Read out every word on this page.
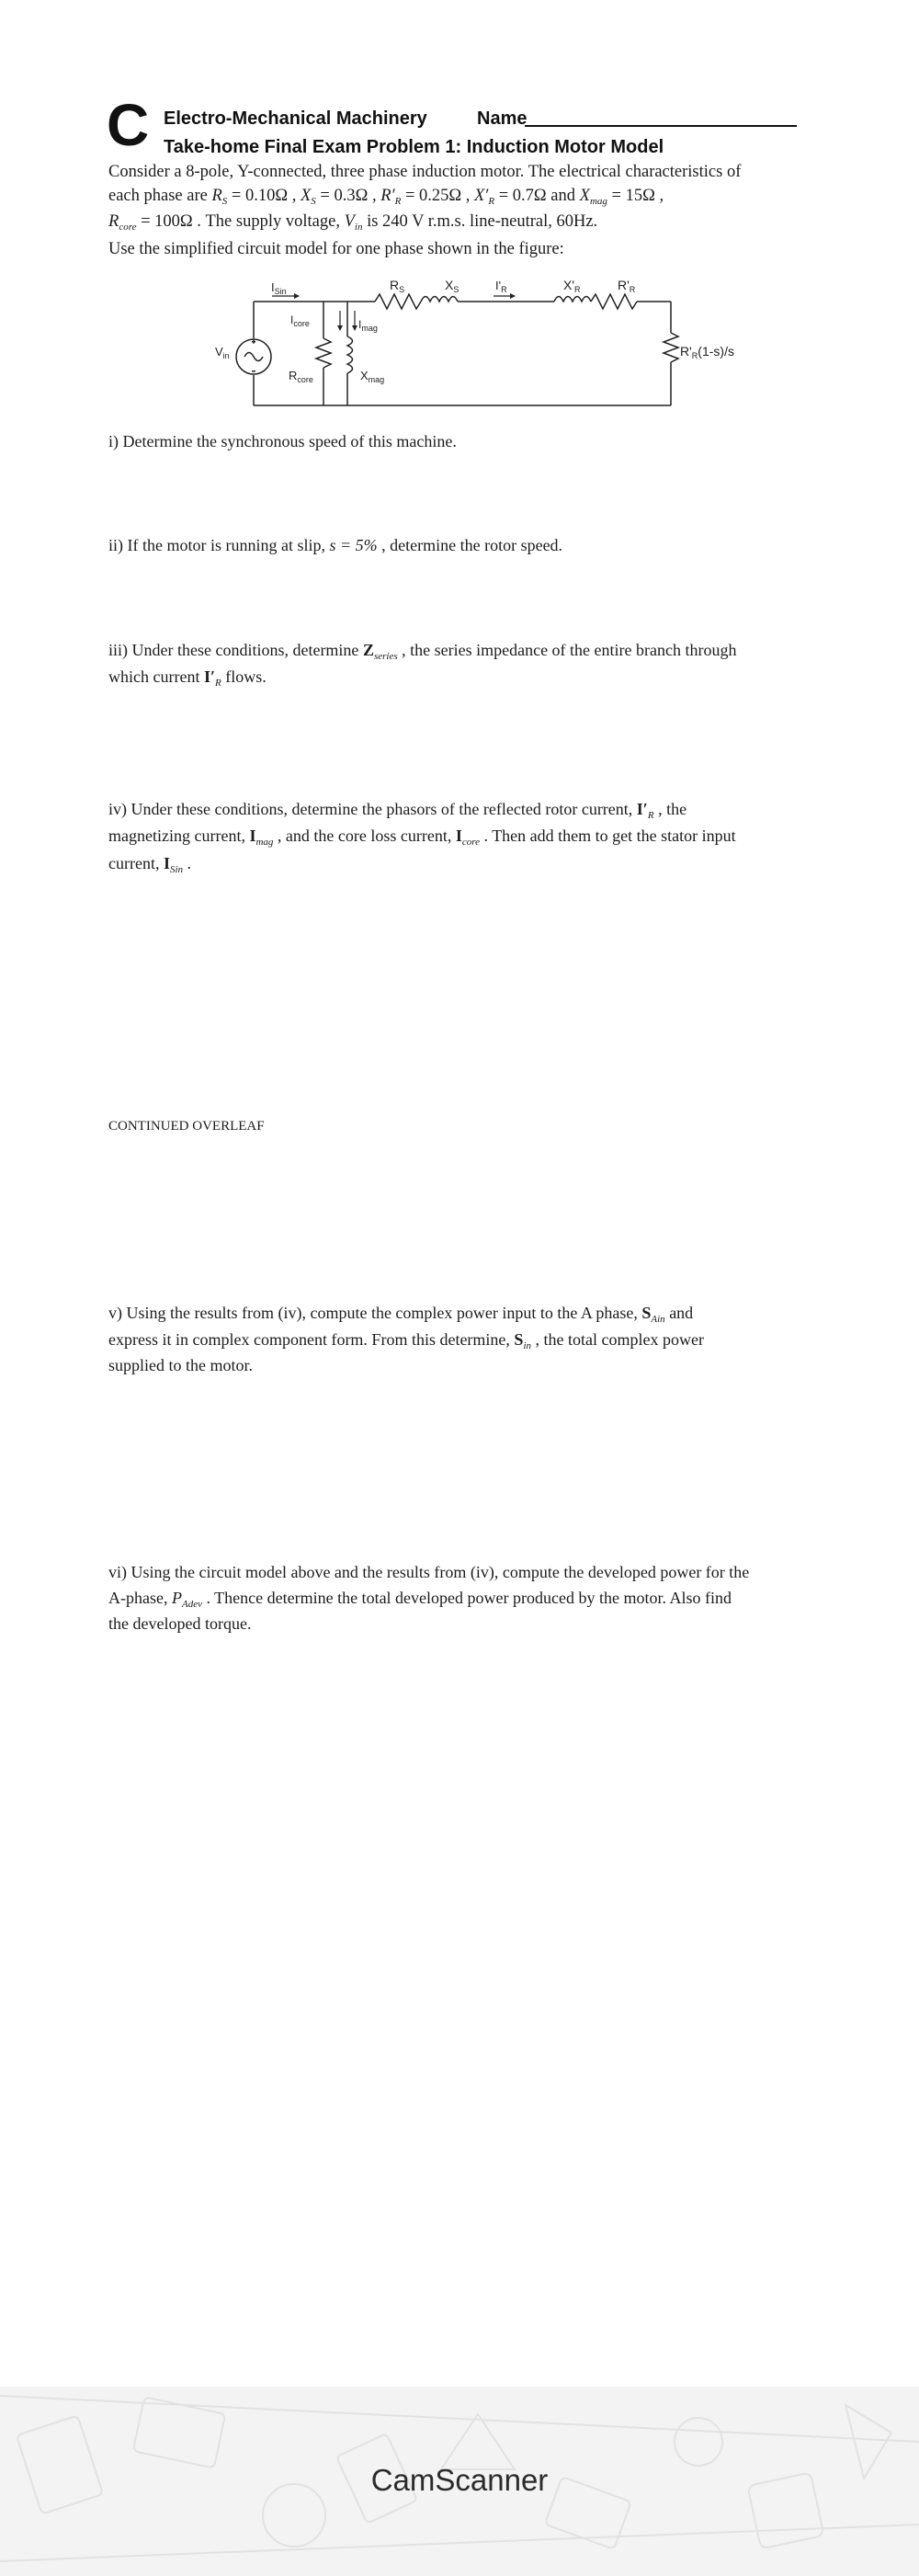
C Electro-Mechanical Machinery	Name
Take-home Final Exam Problem 1: Induction Motor Model
Consider a 8-pole, Y-connected, three phase induction motor. The electrical characteristics of
each phase are $R_S = 0.10\Omega$ , $X_S = 0.3\Omega$ , $R'_R = 0.25\Omega$ , $X'_R = 0.7\Omega$ and $X_{mag} = 15\Omega$ ,
$R_{core} = 100\Omega$ . The supply voltage, $V_{in}$ is 240 V r.m.s. line-neutral, 60Hz.
Use the simplified circuit model for one phase shown in the figure:
$I_{Sin}$	$R_S$	$X_S$	$I'_R$	$X'_R$	$R'_R$
$I_{core}$	$I_{mag}$
$V_{in}$
$R_{core}$	$X_{mag}$
$R'_R(1-s)/s$
i) Determine the synchronous speed of this machine.
ii) If the motor is running at slip, s = 5% , determine the rotor speed.
iii) Under these conditions, determine $Z_{series}$ , the series impedance of the entire branch through
which current $I'_R$ flows.
iv) Under these conditions, determine the phasors of the reflected rotor current, $I'_R$ , the
magnetizing current, $I_{mag}$ , and the core loss current, $I_{core}$ . Then add them to get the stator input
current, $I_{Sin}$ .
CONTINUED OVERLEAF
v) Using the results from (iv), compute the complex power input to the A phase, $S_{Ain}$ and
express it in complex component form. From this determine, $S_{in}$ , the total complex power
supplied to the motor.
vi) Using the circuit model above and the results from (iv), compute the developed power for the
A-phase, $P_{Adev}$ . Thence determine the total developed power produced by the motor. Also find
the developed torque.
CamScanner
